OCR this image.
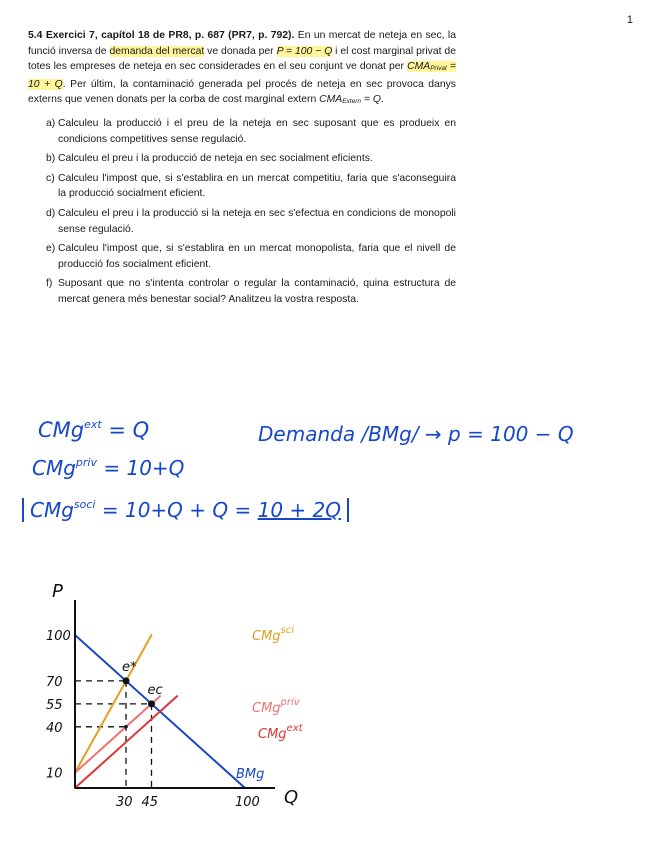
1
5.4 Exercici 7, capítol 18 de PR8, p. 687 (PR7, p. 792). En un mercat de neteja en sec, la funció inversa de demanda del mercat ve donada per P = 100 − Q i el cost marginal privat de totes les empreses de neteja en sec considerades en el seu conjunt ve donat per CMAPrivat = 10 + Q. Per últim, la contaminació generada pel procés de neteja en sec provoca danys externs que venen donats per la corba de cost marginal extern CMAExtern = Q.
a) Calculeu la producció i el preu de la neteja en sec suposant que es produeix en condicions competitives sense regulació.
b) Calculeu el preu i la producció de neteja en sec socialment eficients.
c) Calculeu l'impost que, si s'establira en un mercat competitiu, faria que s'aconseguira la producció socialment eficient.
d) Calculeu el preu i la producció si la neteja en sec s'efectua en condicions de monopoli sense regulació.
e) Calculeu l'impost que, si s'establira en un mercat monopolista, faria que el nivell de producció fos socialment eficient.
f) Suposant que no s'intenta controlar o regular la contaminació, quina estructura de mercat genera més benestar social? Analitzeu la vostra resposta.
CMg$^{ext}$ = Q	Demanda /BMg/ → p = 100 − Q
CMg$^{priv}$ = 10+Q
CMg$^{soci}$ = 10+Q + Q = 10 + 2Q
100
70
55
40
10
30 45	100
P
Q
BMg
CMg$^{sci}$
CMg$^{priv}$
CMg$^{ext}$
e*
ec
